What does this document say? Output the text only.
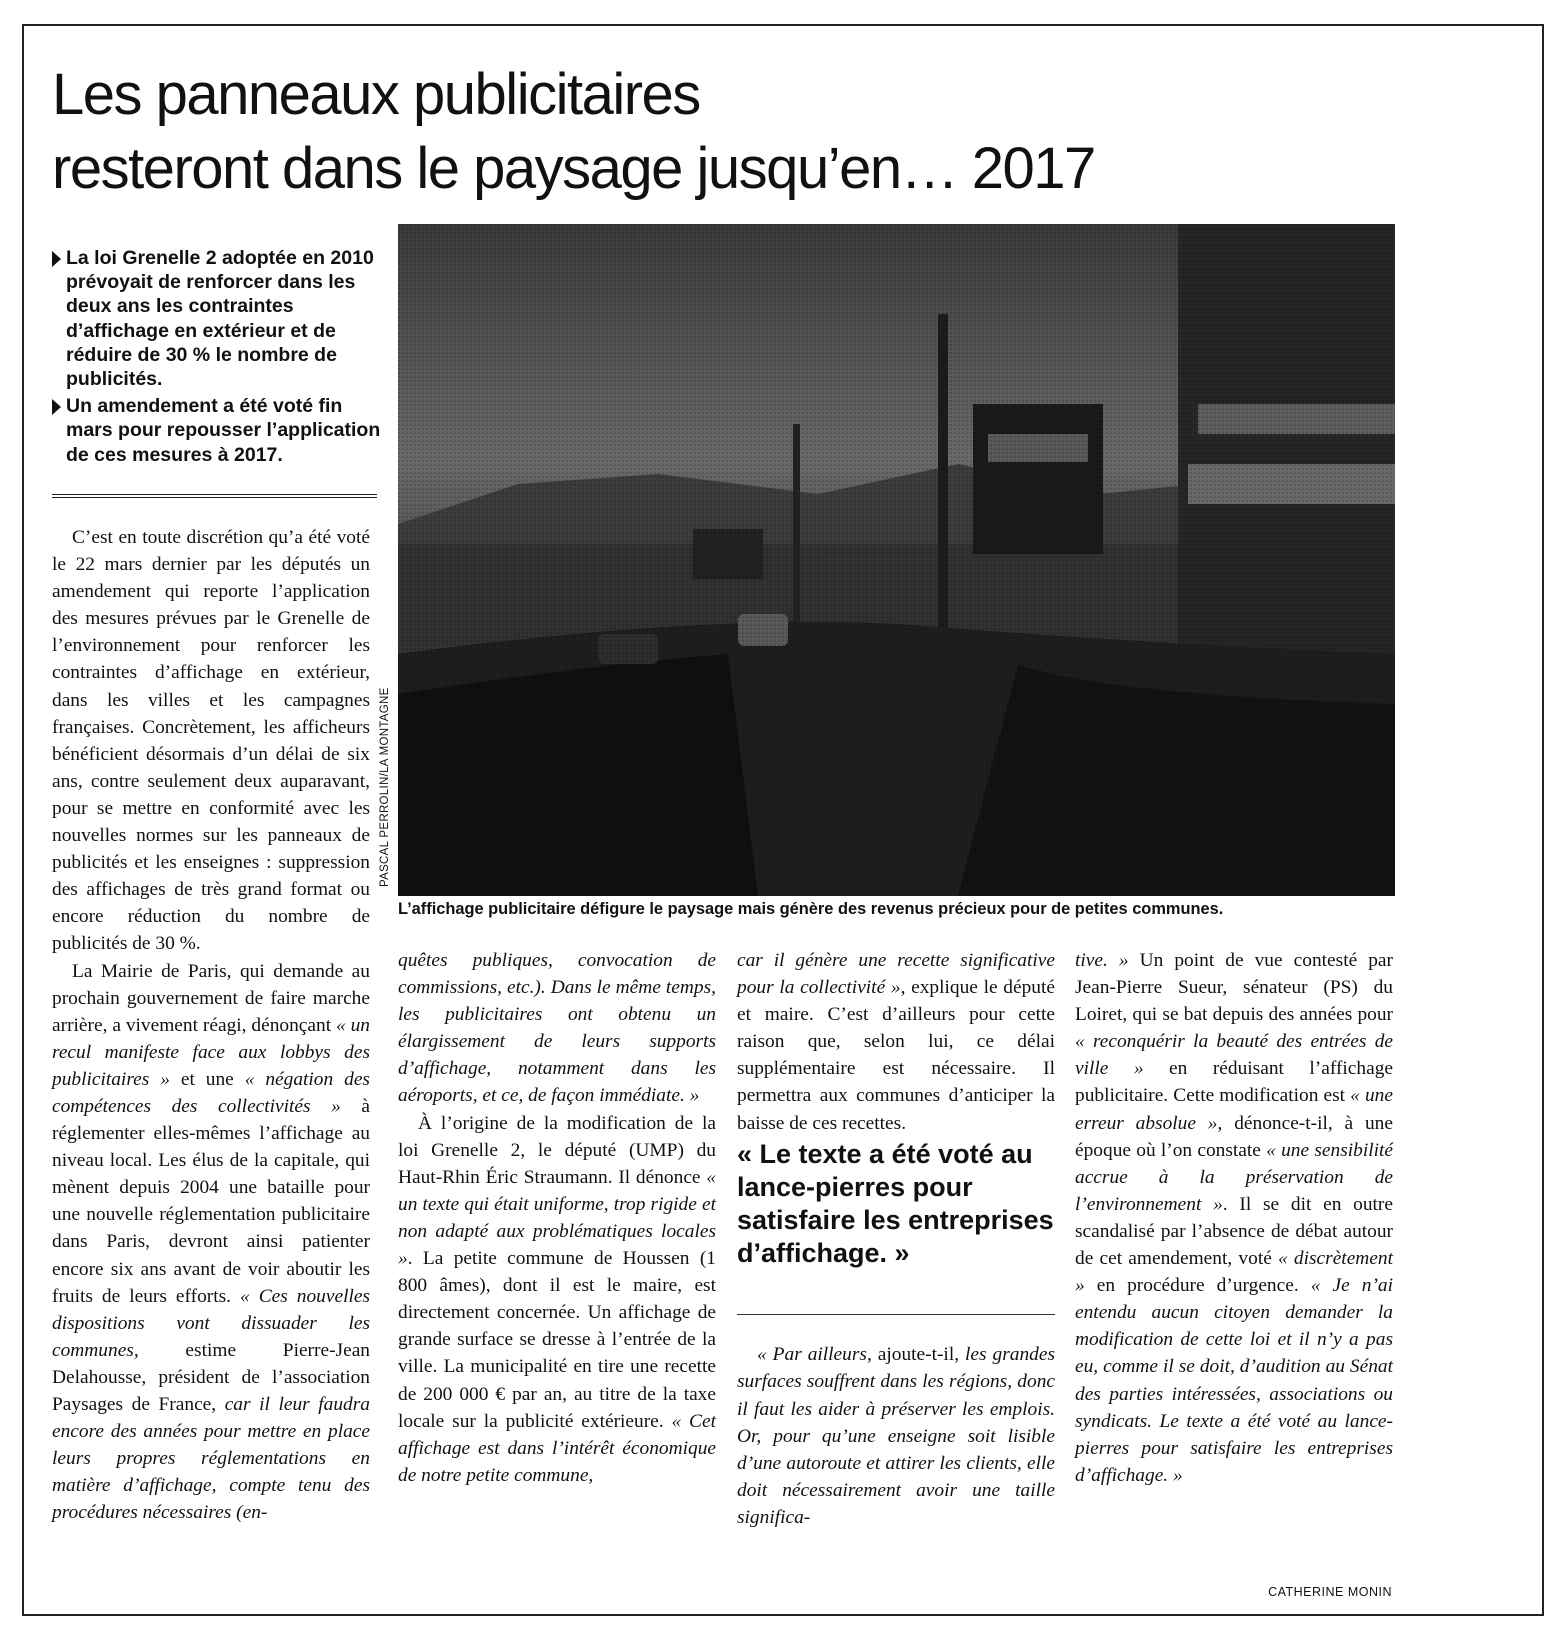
Les panneaux publicitaires
resteront dans le paysage jusqu’en… 2017
La loi Grenelle 2 adoptée en 2010 prévoyait de renforcer dans les deux ans les contraintes d’affichage en extérieur et de réduire de 30 % le nombre de publicités.
Un amendement a été voté fin mars pour repousser l’application de ces mesures à 2017.
PASCAL PERROLIN/LA MONTAGNE
L’affichage publicitaire défigure le paysage mais génère des revenus précieux pour de petites communes.

C’est en toute discrétion qu’a été voté le 22 mars dernier par les députés un amendement qui reporte l’application des mesures prévues par le Grenelle de l’environnement pour renforcer les contraintes d’affichage en extérieur, dans les villes et les campagnes françaises. Concrètement, les afficheurs bénéficient désormais d’un délai de six ans, contre seulement deux auparavant, pour se mettre en conformité avec les nouvelles normes sur les panneaux de publicités et les enseignes : suppression des affichages de très grand format ou encore réduction du nombre de publicités de 30 %.

La Mairie de Paris, qui demande au prochain gouvernement de faire marche arrière, a vivement réagi, dénonçant « un recul manifeste face aux lobbys des publicitaires » et une « négation des compétences des collectivités » à réglementer elles-mêmes l’affichage au niveau local. Les élus de la capitale, qui mènent depuis 2004 une bataille pour une nouvelle réglementation publicitaire dans Paris, devront ainsi patienter encore six ans avant de voir aboutir les fruits de leurs efforts. « Ces nouvelles dispositions vont dissuader les communes, estime Pierre-Jean Delahousse, président de l’association Paysages de France, car il leur faudra encore des années pour mettre en place leurs propres réglementations en matière d’affichage, compte tenu des procédures nécessaires (en-

quêtes publiques, convocation de commissions, etc.). Dans le même temps, les publicitaires ont obtenu un élargissement de leurs supports d’affichage, notamment dans les aéroports, et ce, de façon immédiate. »

À l’origine de la modification de la loi Grenelle 2, le député (UMP) du Haut-Rhin Éric Straumann. Il dénonce « un texte qui était uniforme, trop rigide et non adapté aux problématiques locales ». La petite commune de Houssen (1 800 âmes), dont il est le maire, est directement concernée. Un affichage de grande surface se dresse à l’entrée de la ville. La municipalité en tire une recette de 200 000 € par an, au titre de la taxe locale sur la publicité extérieure. « Cet affichage est dans l’intérêt économique de notre petite commune,

car il génère une recette significative pour la collectivité », explique le député et maire. C’est d’ailleurs pour cette raison que, selon lui, ce délai supplémentaire est nécessaire. Il permettra aux communes d’anticiper la baisse de ces recettes.

« Le texte a été voté au lance-pierres pour satisfaire les entreprises d’affichage. »

« Par ailleurs, ajoute-t-il, les grandes surfaces souffrent dans les régions, donc il faut les aider à préserver les emplois. Or, pour qu’une enseigne soit lisible d’une autoroute et attirer les clients, elle doit nécessairement avoir une taille significa-

tive. » Un point de vue contesté par Jean-Pierre Sueur, sénateur (PS) du Loiret, qui se bat depuis des années pour « reconquérir la beauté des entrées de ville » en réduisant l’affichage publicitaire. Cette modification est « une erreur absolue », dénonce-t-il, à une époque où l’on constate « une sensibilité accrue à la préservation de l’environnement ». Il se dit en outre scandalisé par l’absence de débat autour de cet amendement, voté « discrètement » en procédure d’urgence. « Je n’ai entendu aucun citoyen demander la modification de cette loi et il n’y a pas eu, comme il se doit, d’audition au Sénat des parties intéressées, associations ou syndicats. Le texte a été voté au lance-pierres pour satisfaire les entreprises d’affichage. »

CATHERINE MONIN
